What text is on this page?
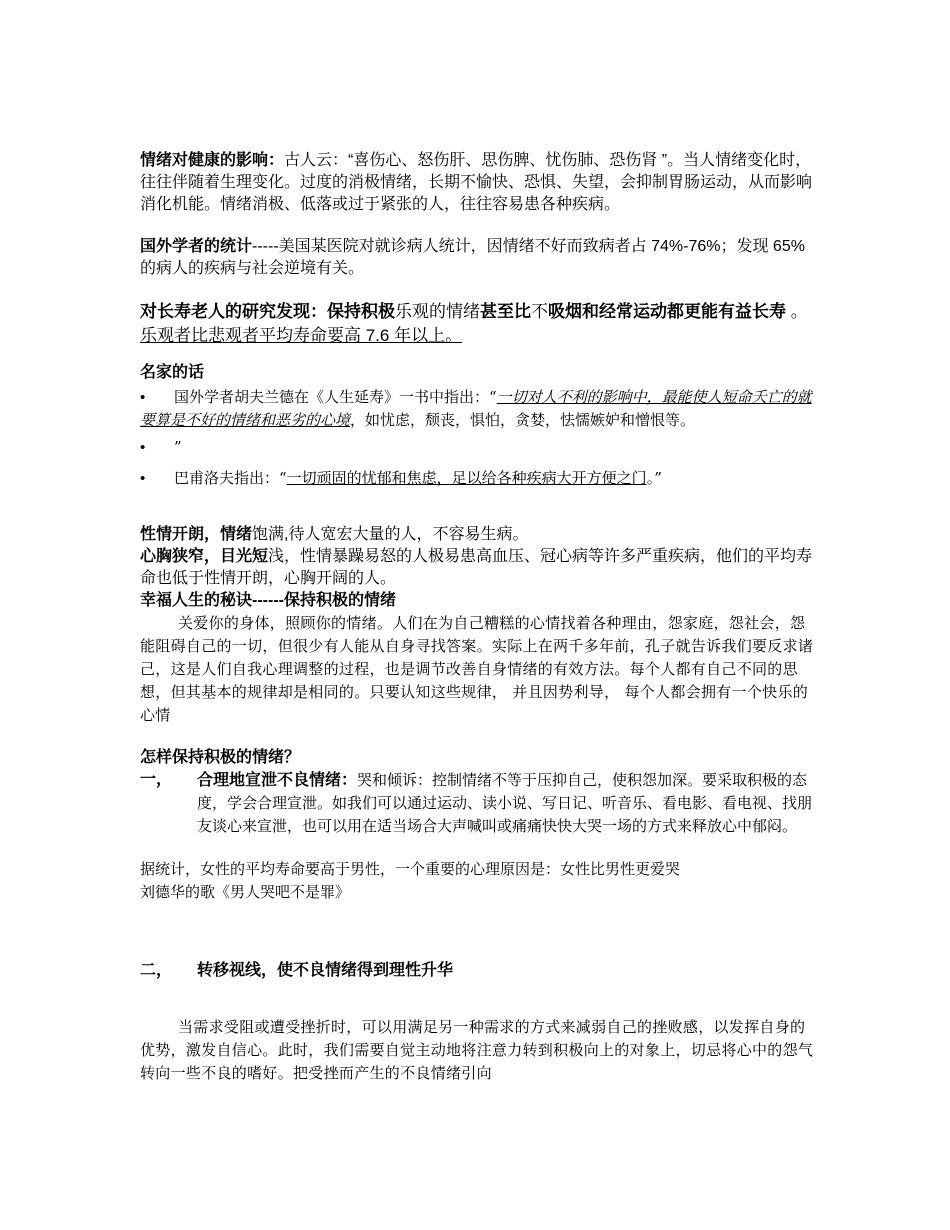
情绪对健康的影响：古人云：“喜伤心、怒伤肝、思伤脾、忧伤肺、恐伤肾 ”。当人情绪变化时，往往伴随着生理变化。过度的消极情绪，长期不愉快、恐惧、失望，会抑制胃肠运动，从而影响消化机能。情绪消极、低落或过于紧张的人，往往容易患各种疾病。

国外学者的统计-----美国某医院对就诊病人统计，因情绪不好而致病者占 74%-76%；发现 65%的病人的疾病与社会逆境有关。

对长寿老人的研究发现：保持积极乐观的情绪甚至比不吸烟和经常运动都更能有益长寿 。乐观者比悲观者平均寿命要高 7.6 年以上。

名家的话

•	国外学者胡夫兰德在《人生延寿》一书中指出：“一切对人不利的影响中，最能使人短命夭亡的就要算是不好的情绪和恶劣的心境，如忧虑，颓丧，惧怕，贪婪，怯懦嫉妒和憎恨等。
• ”
• 巴甫洛夫指出：“一切顽固的忧郁和焦虑，足以给各种疾病大开方便之门。”

性情开朗，情绪饱满,待人宽宏大量的人，不容易生病。

心胸狭窄，目光短浅，性情暴躁易怒的人极易患高血压、冠心病等许多严重疾病，他们的平均寿命也低于性情开朗，心胸开阔的人。

幸福人生的秘诀------保持积极的情绪

关爱你的身体，照顾你的情绪。人们在为自己糟糕的心情找着各种理由，怨家庭，怨社会，怨能阻碍自己的一切，但很少有人能从自身寻找答案。实际上在两千多年前，孔子就告诉我们要反求诸己，这是人们自我心理调整的过程，也是调节改善自身情绪的有效方法。每个人都有自己不同的思想，但其基本的规律却是相同的。只要认知这些规律， 并且因势利导， 每个人都会拥有一个快乐的心情

怎样保持积极的情绪？

一， 合理地宣泄不良情绪：哭和倾诉：控制情绪不等于压抑自己，使积怨加深。要采取积极的态度，学会合理宣泄。如我们可以通过运动、读小说、写日记、听音乐、看电影、看电视、找朋友谈心来宣泄，也可以用在适当场合大声喊叫或痛痛快快大哭一场的方式来释放心中郁闷。

据统计，女性的平均寿命要高于男性，一个重要的心理原因是：女性比男性更爱哭

刘德华的歌《男人哭吧不是罪》

二， 转移视线，使不良情绪得到理性升华

当需求受阻或遭受挫折时，可以用满足另一种需求的方式来减弱自己的挫败感，以发挥自身的优势，激发自信心。此时，我们需要自觉主动地将注意力转到积极向上的对象上，切忌将心中的怨气转向一些不良的嗜好。把受挫而产生的不良情绪引向
